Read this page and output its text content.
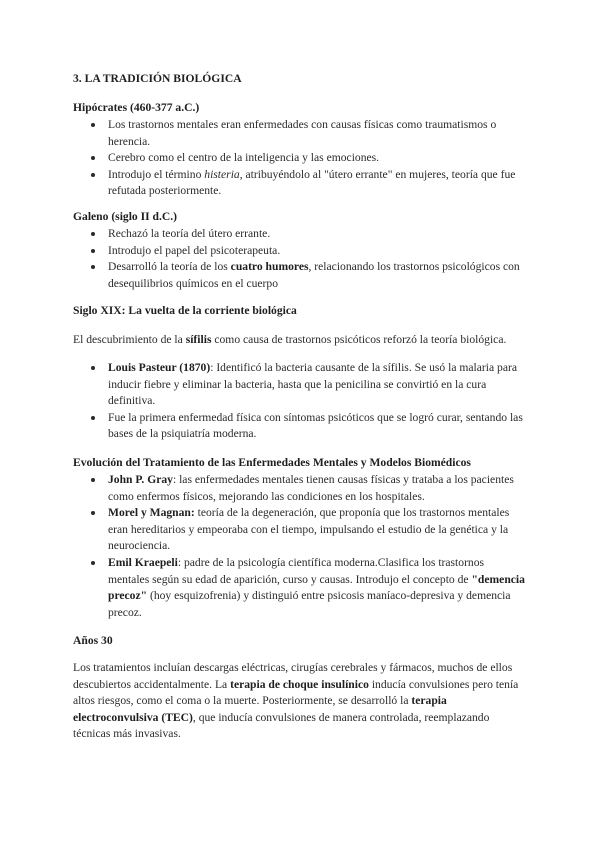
3. LA TRADICIÓN BIOLÓGICA
Hipócrates (460-377 a.C.)
Los trastornos mentales eran enfermedades con causas físicas como traumatismos o herencia.
Cerebro como el centro de la inteligencia y las emociones.
Introdujo el término histeria, atribuyéndolo al "útero errante" en mujeres, teoría que fue refutada posteriormente.
Galeno (siglo II d.C.)
Rechazó la teoría del útero errante.
Introdujo el papel del psicoterapeuta.
Desarrolló la teoría de los cuatro humores, relacionando los trastornos psicológicos con desequilibrios químicos en el cuerpo
Siglo XIX: La vuelta de la corriente biológica

El descubrimiento de la sífilis como causa de trastornos psicóticos reforzó la teoría biológica.

Louis Pasteur (1870): Identificó la bacteria causante de la sífilis. Se usó la malaria para inducir fiebre y eliminar la bacteria, hasta que la penicilina se convirtió en la cura definitiva.
Fue la primera enfermedad física con síntomas psicóticos que se logró curar, sentando las bases de la psiquiatría moderna.
Evolución del Tratamiento de las Enfermedades Mentales y Modelos Biomédicos
John P. Gray: las enfermedades mentales tienen causas físicas y trataba a los pacientes como enfermos físicos, mejorando las condiciones en los hospitales.
Morel y Magnan: teoría de la degeneración, que proponía que los trastornos mentales eran hereditarios y empeoraba con el tiempo, impulsando el estudio de la genética y la neurociencia.
Emil Kraepeli: padre de la psicología científica moderna.Clasifica los trastornos mentales según su edad de aparición, curso y causas. Introdujo el concepto de "demencia precoz" (hoy esquizofrenia) y distinguió entre psicosis maníaco-depresiva y demencia precoz.
Años 30

Los tratamientos incluían descargas eléctricas, cirugías cerebrales y fármacos, muchos de ellos descubiertos accidentalmente. La terapia de choque insulínico inducía convulsiones pero tenía altos riesgos, como el coma o la muerte. Posteriormente, se desarrolló la terapia electroconvulsiva (TEC), que inducía convulsiones de manera controlada, reemplazando técnicas más invasivas.
